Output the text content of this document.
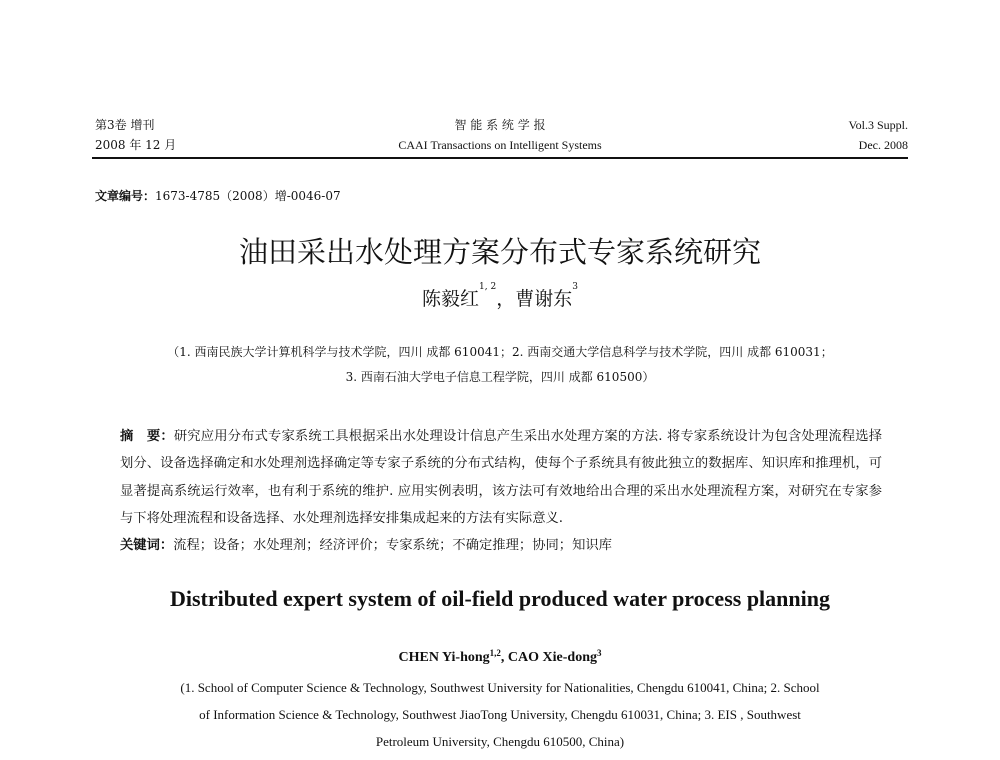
第3卷 增刊
2008 年 12 月
智 能 系 统 学 报
CAAI Transactions on Intelligent Systems
Vol.3 Suppl.
Dec. 2008
文章编号：1673-4785（2008）增-0046-07
油田采出水处理方案分布式专家系统研究
陈毅红$^{1, 2}$，曹谢东$^3$
（1. 西南民族大学计算机科学与技术学院，四川 成都 610041；2. 西南交通大学信息科学与技术学院，四川 成都 610031；
3. 西南石油大学电子信息工程学院，四川 成都 610500）
摘　要：研究应用分布式专家系统工具根据采出水处理设计信息产生采出水处理方案的方法. 将专家系统设计为包含处理流程选择划分、设备选择确定和水处理剂选择确定等专家子系统的分布式结构，使每个子系统具有彼此独立的数据库、知识库和推理机，可显著提高系统运行效率，也有利于系统的维护. 应用实例表明，该方法可有效地给出合理的采出水处理流程方案，对研究在专家参与下将处理流程和设备选择、水处理剂选择安排集成起来的方法有实际意义.
关键词：流程；设备；水处理剂；经济评价；专家系统；不确定推理；协同；知识库
Distributed expert system of oil-field produced water process planning
CHEN Yi-hong$^{1,2}$, CAO Xie-dong$^3$
(1. School of Computer Science & Technology, Southwest University for Nationalities, Chengdu 610041, China; 2. School
of Information Science & Technology, Southwest JiaoTong University, Chengdu 610031, China; 3. EIS , Southwest
Petroleum University, Chengdu 610500, China)
